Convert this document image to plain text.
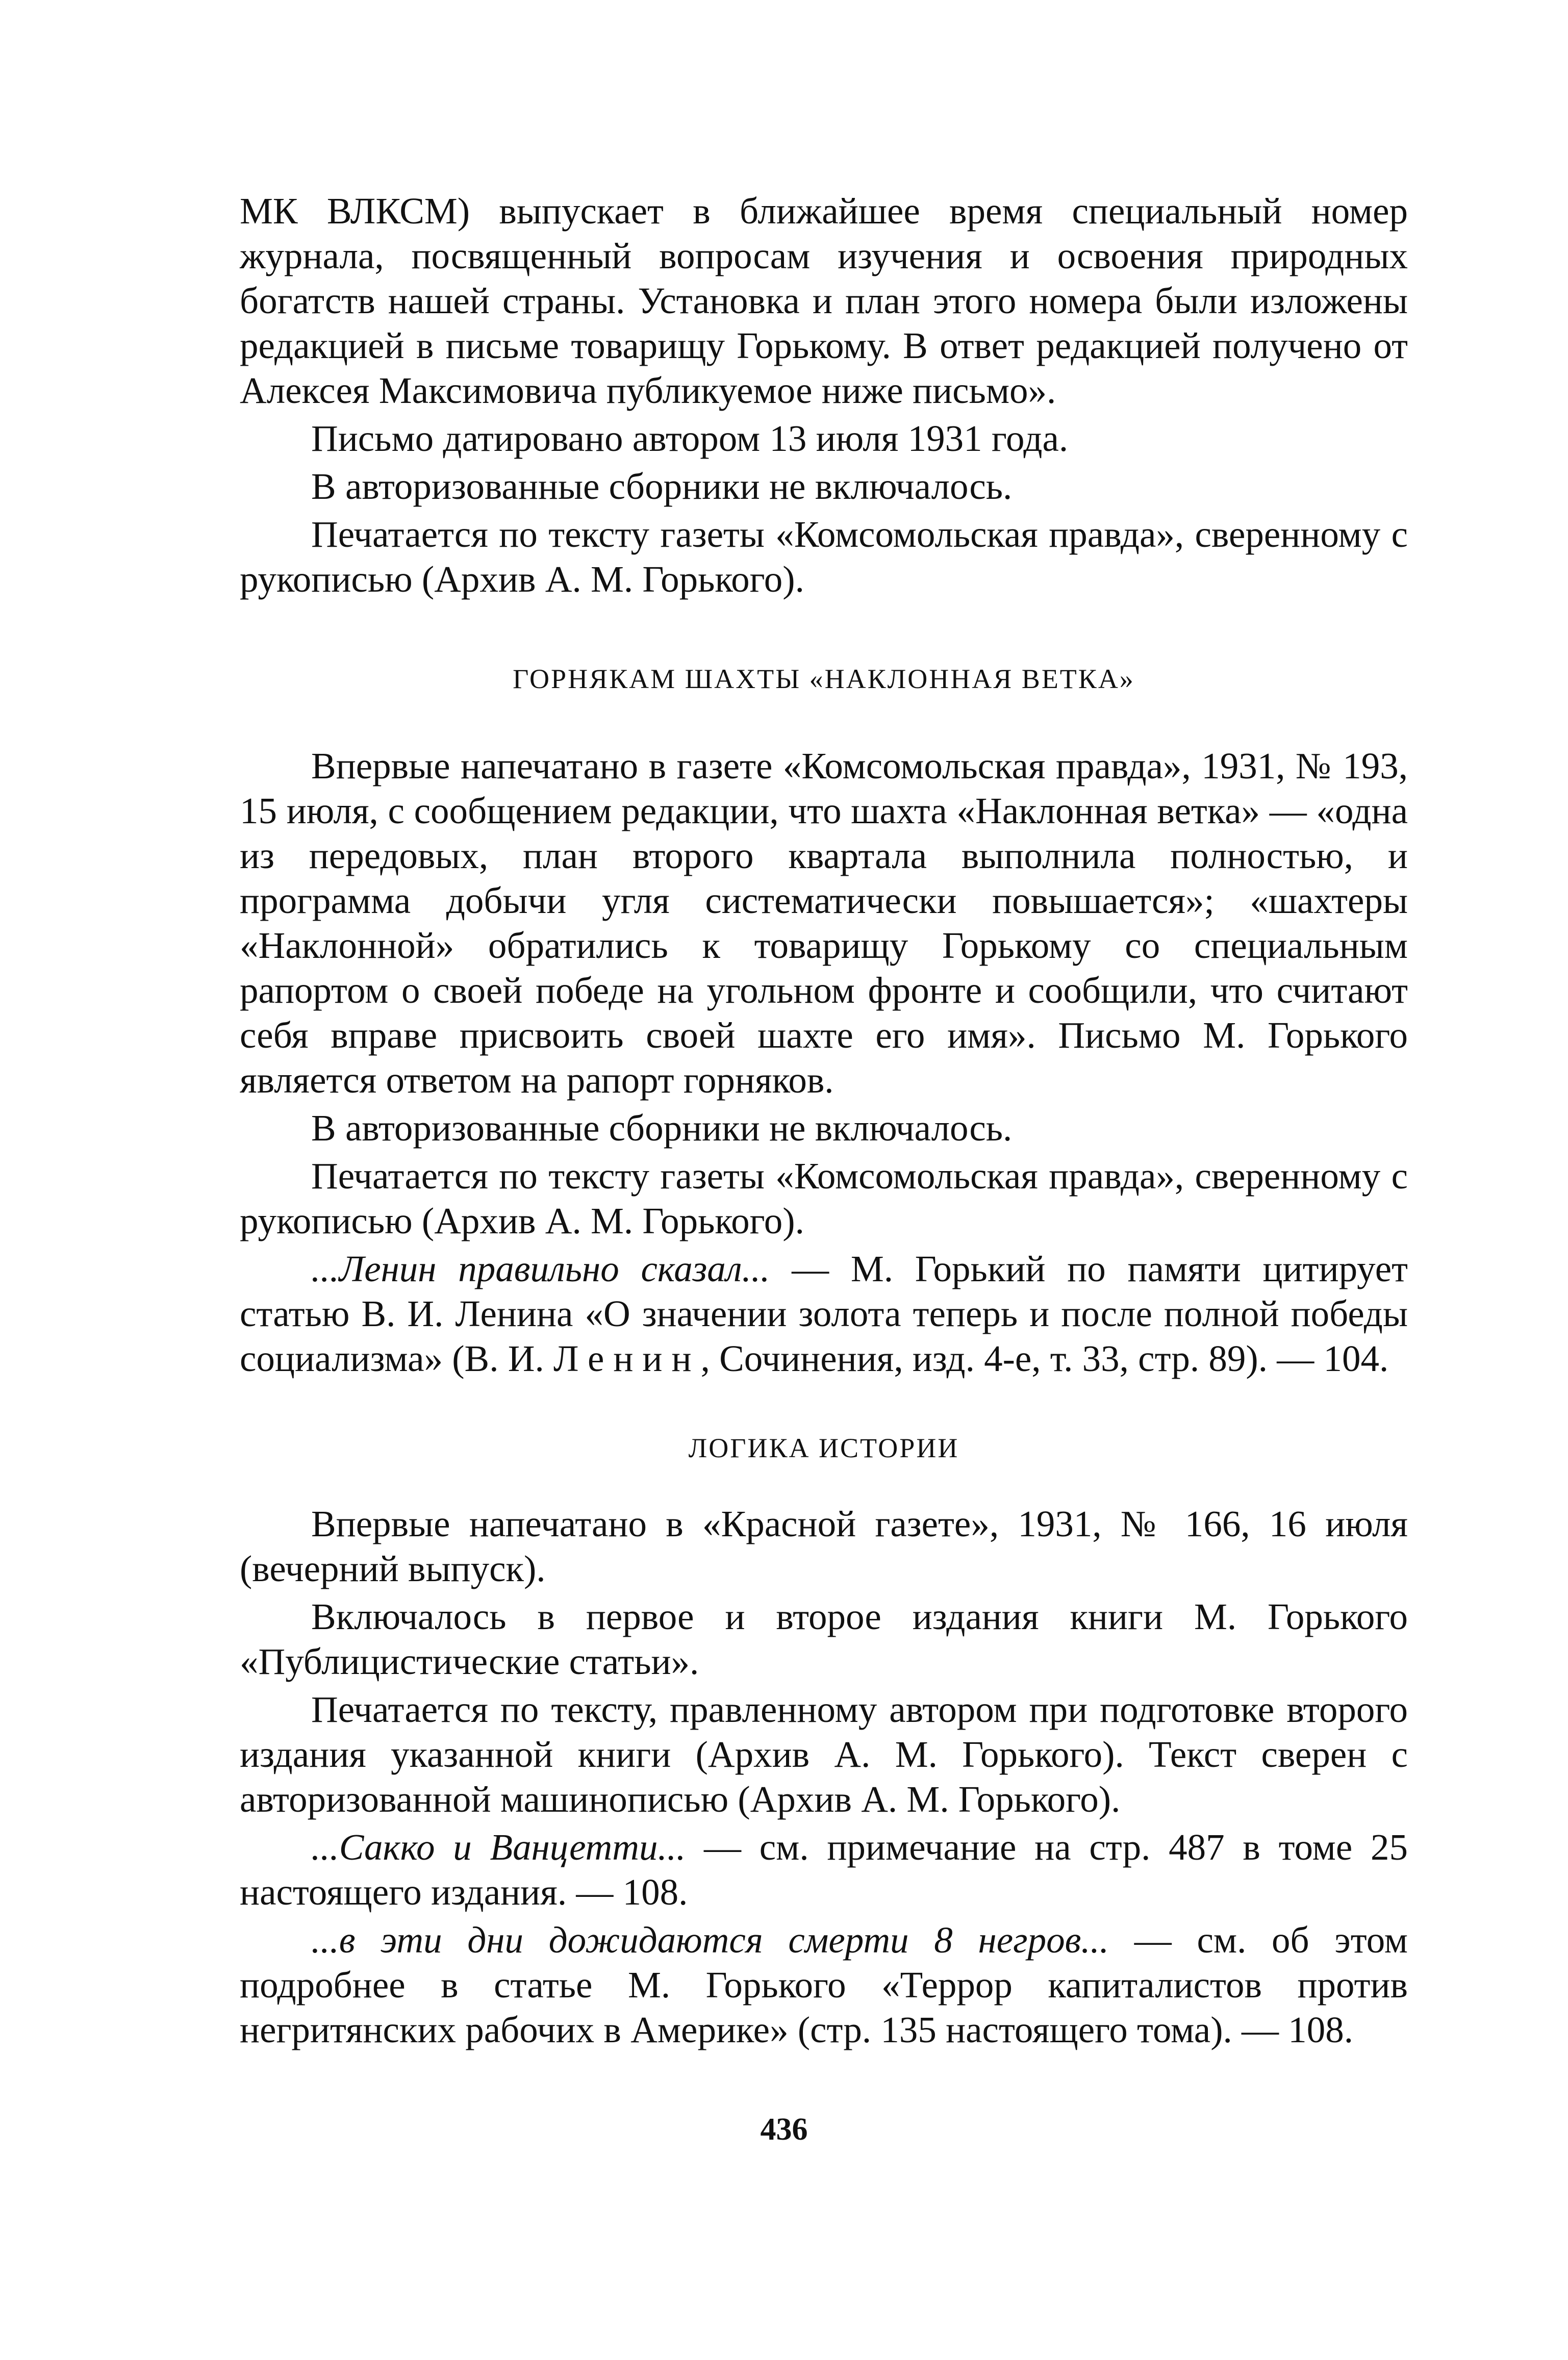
МК ВЛКСМ) выпускает в ближайшее время специальный номер журнала, посвященный вопросам изучения и освоения природных богатств нашей страны. Установка и план этого номера были изложены редакцией в письме товарищу Горькому. В ответ редакцией получено от Алексея Максимовича публикуемое ниже письмо».

Письмо датировано автором 13 июля 1931 года.

В авторизованные сборники не включалось.

Печатается по тексту газеты «Комсомольская правда», сверенному с рукописью (Архив А. М. Горького).

ГОРНЯКАМ ШАХТЫ «НАКЛОННАЯ ВЕТКА»

Впервые напечатано в газете «Комсомольская правда», 1931, № 193, 15 июля, с сообщением редакции, что шахта «Наклонная ветка» — «одна из передовых, план второго квартала выполнила полностью, и программа добычи угля систематически повышается»; «шахтеры «Наклонной» обратились к товарищу Горькому со специальным рапортом о своей победе на угольном фронте и сообщили, что считают себя вправе присвоить своей шахте его имя». Письмо М. Горького является ответом на рапорт горняков.

В авторизованные сборники не включалось.

Печатается по тексту газеты «Комсомольская правда», сверенному с рукописью (Архив А. М. Горького).

...Ленин правильно сказал... — М. Горький по памяти цитирует статью В. И. Ленина «О значении золота теперь и после полной победы социализма» (В. И. Ленин, Сочинения, изд. 4-е, т. 33, стр. 89). — 104.

ЛОГИКА ИСТОРИИ

Впервые напечатано в «Красной газете», 1931, № 166, 16 июля (вечерний выпуск).

Включалось в первое и второе издания книги М. Горького «Публицистические статьи».

Печатается по тексту, правленному автором при подготовке второго издания указанной книги (Архив А. М. Горького). Текст сверен с авторизованной машинописью (Архив А. М. Горького).

...Сакко и Ванцетти... — см. примечание на стр. 487 в томе 25 настоящего издания. — 108.

...в эти дни дожидаются смерти 8 негров... — см. об этом подробнее в статье М. Горького «Террор капиталистов против негритянских рабочих в Америке» (стр. 135 настоящего тома). — 108.

436
